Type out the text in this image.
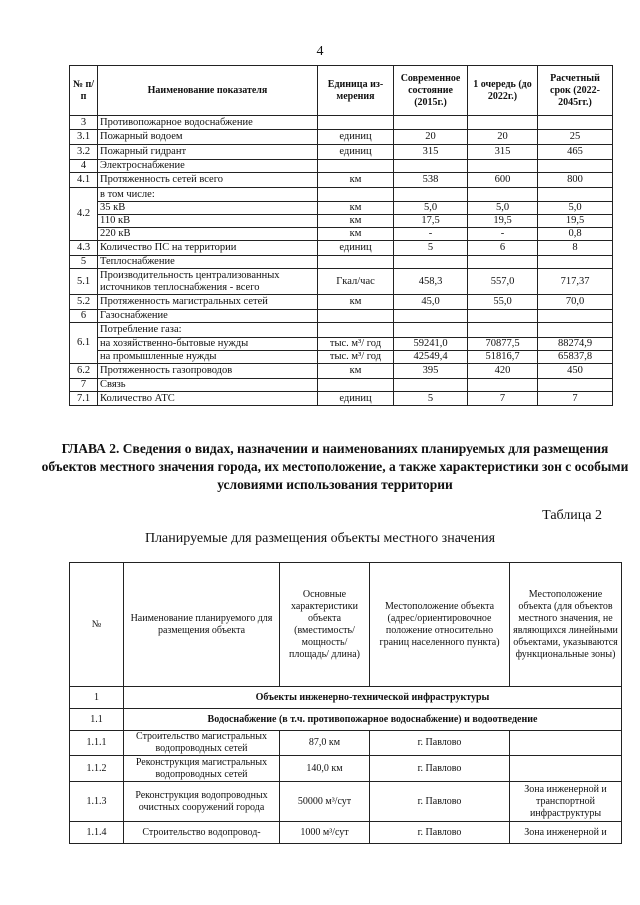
4
№ п/п	Наименование показателя	Единица из-мерения	Современное состояние (2015г.)	1 очередь (до 2022г.)	Расчетный срок (2022-2045гг.)
3	Противопожарное водоснабжение				
3.1	Пожарный водоем	единиц	20	20	25
3.2	Пожарный гидрант	единиц	315	315	465
4	Электроснабжение				
4.1	Протяженность сетей всего	км	538	600	800
4.2	в том числе:				
	35 кВ	км	5,0	5,0	5,0
	110 кВ	км	17,5	19,5	19,5
	220 кВ	км	-	-	0,8
4.3	Количество ПС на территории	единиц	5	6	8
5	Теплоснабжение				
5.1	Производительность централизованных источников теплоснабжения - всего	Гкал/час	458,3	557,0	717,37
5.2	Протяженность магистральных сетей	км	45,0	55,0	70,0
6	Газоснабжение				
6.1	Потребление газа:				
	на хозяйственно-бытовые нужды	тыс. м³/ год	59241,0	70877,5	88274,9
	на промышленные нужды	тыс. м³/ год	42549,4	51816,7	65837,8
6.2	Протяженность газопроводов	км	395	420	450
7	Связь				
7.1	Количество АТС	единиц	5	7	7
ГЛАВА 2. Сведения о видах, назначении и наименованиях планируемых для размещения объектов местного значения города, их местоположение, а также характеристики зон с особыми условиями использования территории
Таблица 2
Планируемые для размещения объекты местного значения
№	Наименование планируемого для размещения объекта	Основные характеристики объекта (вместимость/ мощность/ площадь/ длина)	Местоположение объекта (адрес/ориентировочное положение относительно границ населенного пункта)	Местоположение объекта (для объектов местного значения, не являющихся линейными объектами, указываются функциональные зоны)
1	Объекты инженерно-технической инфраструктуры			
1.1	Водоснабжение (в т.ч. противопожарное водоснабжение) и водоотведение			
1.1.1	Строительство магистральных водопроводных сетей	87,0 км	г. Павлово	
1.1.2	Реконструкция магистральных водопроводных сетей	140,0 км	г. Павлово	
1.1.3	Реконструкция водопроводных очистных сооружений города	50000 м³/сут	г. Павлово	Зона инженерной и транспортной инфраструктуры
1.1.4	Строительство водопровод-	1000 м³/сут	г. Павлово	Зона инженерной и
